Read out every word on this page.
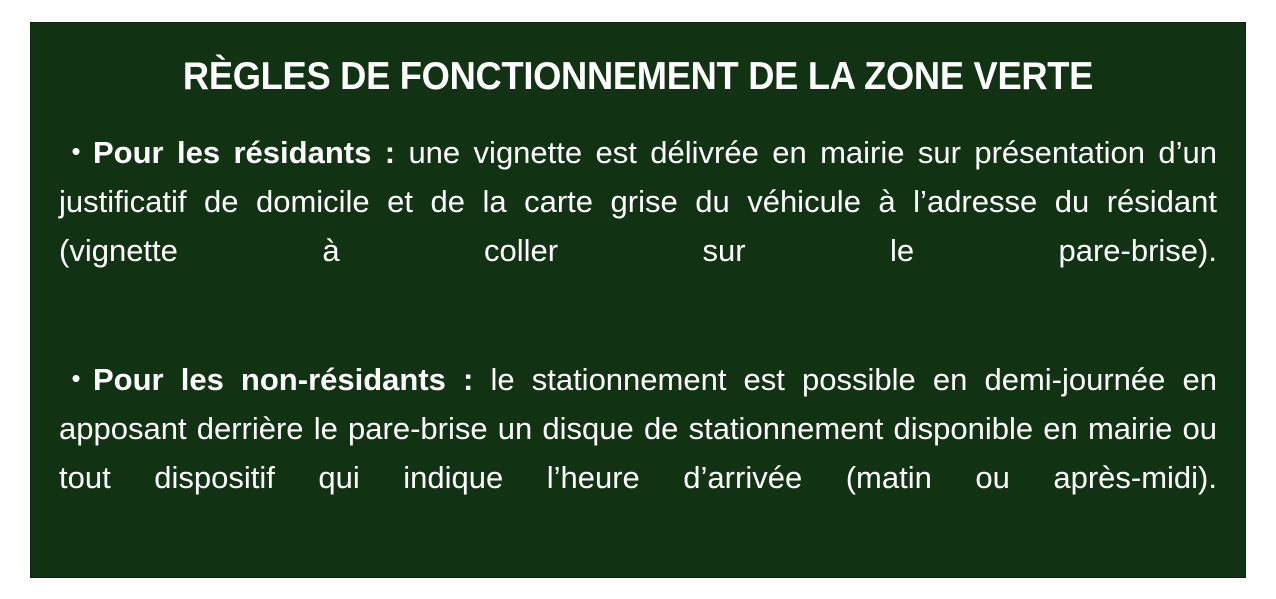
RÈGLES DE FONCTIONNEMENT DE LA ZONE VERTE

• Pour les résidants : une vignette est délivrée en mairie sur présentation d’un justificatif de domicile et de la carte grise du véhicule à l’adresse du résidant (vignette à coller sur le pare-brise).

• Pour les non-résidants : le stationnement est possible en demi-journée en apposant derrière le pare-brise un disque de stationnement disponible en mairie ou tout dispositif qui indique l’heure d’arrivée (matin ou après-midi).
